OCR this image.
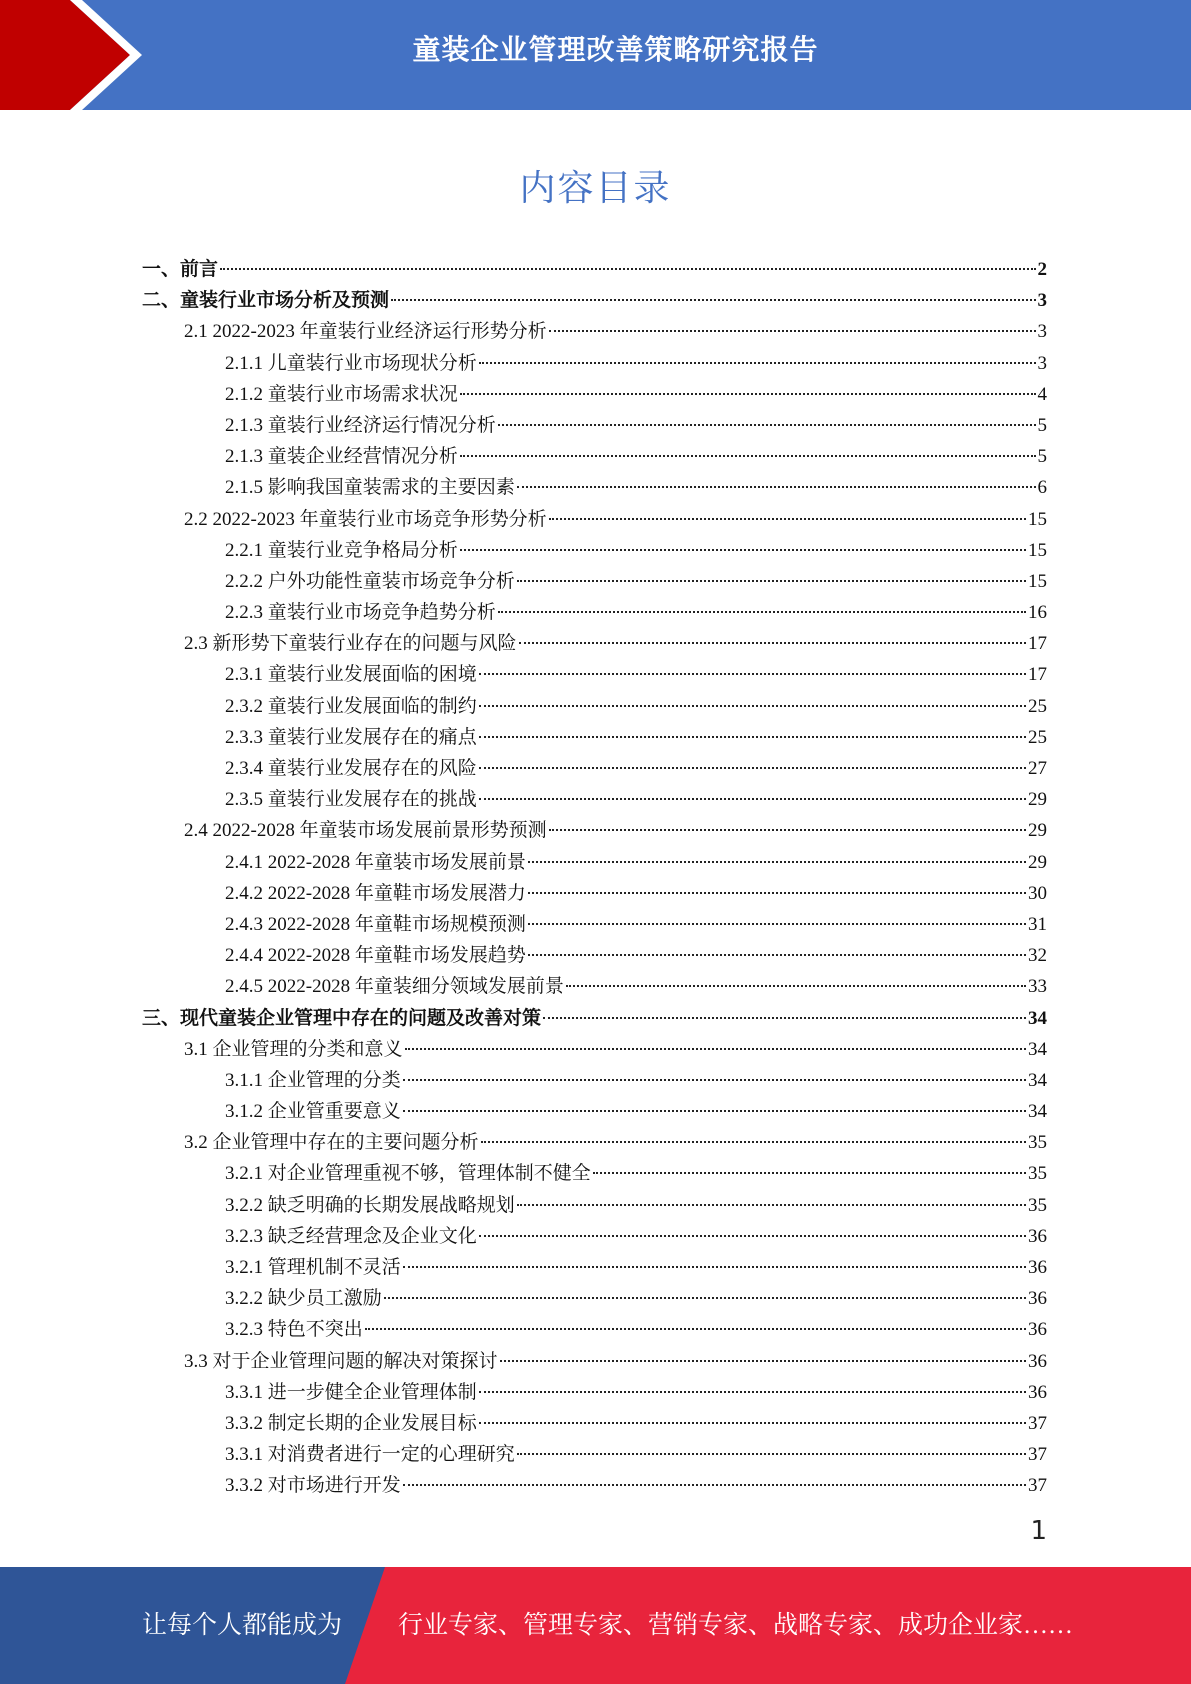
童装企业管理改善策略研究报告
内容目录
一、前言	2
二、童装行业市场分析及预测	3
2.1 2022-2023 年童装行业经济运行形势分析	3
2.1.1 儿童装行业市场现状分析	3
2.1.2 童装行业市场需求状况	4
2.1.3 童装行业经济运行情况分析	5
2.1.3 童装企业经营情况分析	5
2.1.5 影响我国童装需求的主要因素	6
2.2 2022-2023 年童装行业市场竞争形势分析	15
2.2.1 童装行业竞争格局分析	15
2.2.2 户外功能性童装市场竞争分析	15
2.2.3 童装行业市场竞争趋势分析	16
2.3 新形势下童装行业存在的问题与风险	17
2.3.1 童装行业发展面临的困境	17
2.3.2 童装行业发展面临的制约	25
2.3.3 童装行业发展存在的痛点	25
2.3.4 童装行业发展存在的风险	27
2.3.5 童装行业发展存在的挑战	29
2.4 2022-2028 年童装市场发展前景形势预测	29
2.4.1 2022-2028 年童装市场发展前景	29
2.4.2 2022-2028 年童鞋市场发展潜力	30
2.4.3 2022-2028 年童鞋市场规模预测	31
2.4.4 2022-2028 年童鞋市场发展趋势	32
2.4.5 2022-2028 年童装细分领域发展前景	33
三、现代童装企业管理中存在的问题及改善对策	34
3.1 企业管理的分类和意义	34
3.1.1 企业管理的分类	34
3.1.2 企业管重要意义	34
3.2 企业管理中存在的主要问题分析	35
3.2.1 对企业管理重视不够，管理体制不健全	35
3.2.2 缺乏明确的长期发展战略规划	35
3.2.3 缺乏经营理念及企业文化	36
3.2.1 管理机制不灵活	36
3.2.2 缺少员工激励	36
3.2.3 特色不突出	36
3.3 对于企业管理问题的解决对策探讨	36
3.3.1 进一步健全企业管理体制	36
3.3.2 制定长期的企业发展目标	37
3.3.1 对消费者进行一定的心理研究	37
3.3.2 对市场进行开发	37
1
让每个人都能成为 行业专家、管理专家、营销专家、战略专家、成功企业家……
